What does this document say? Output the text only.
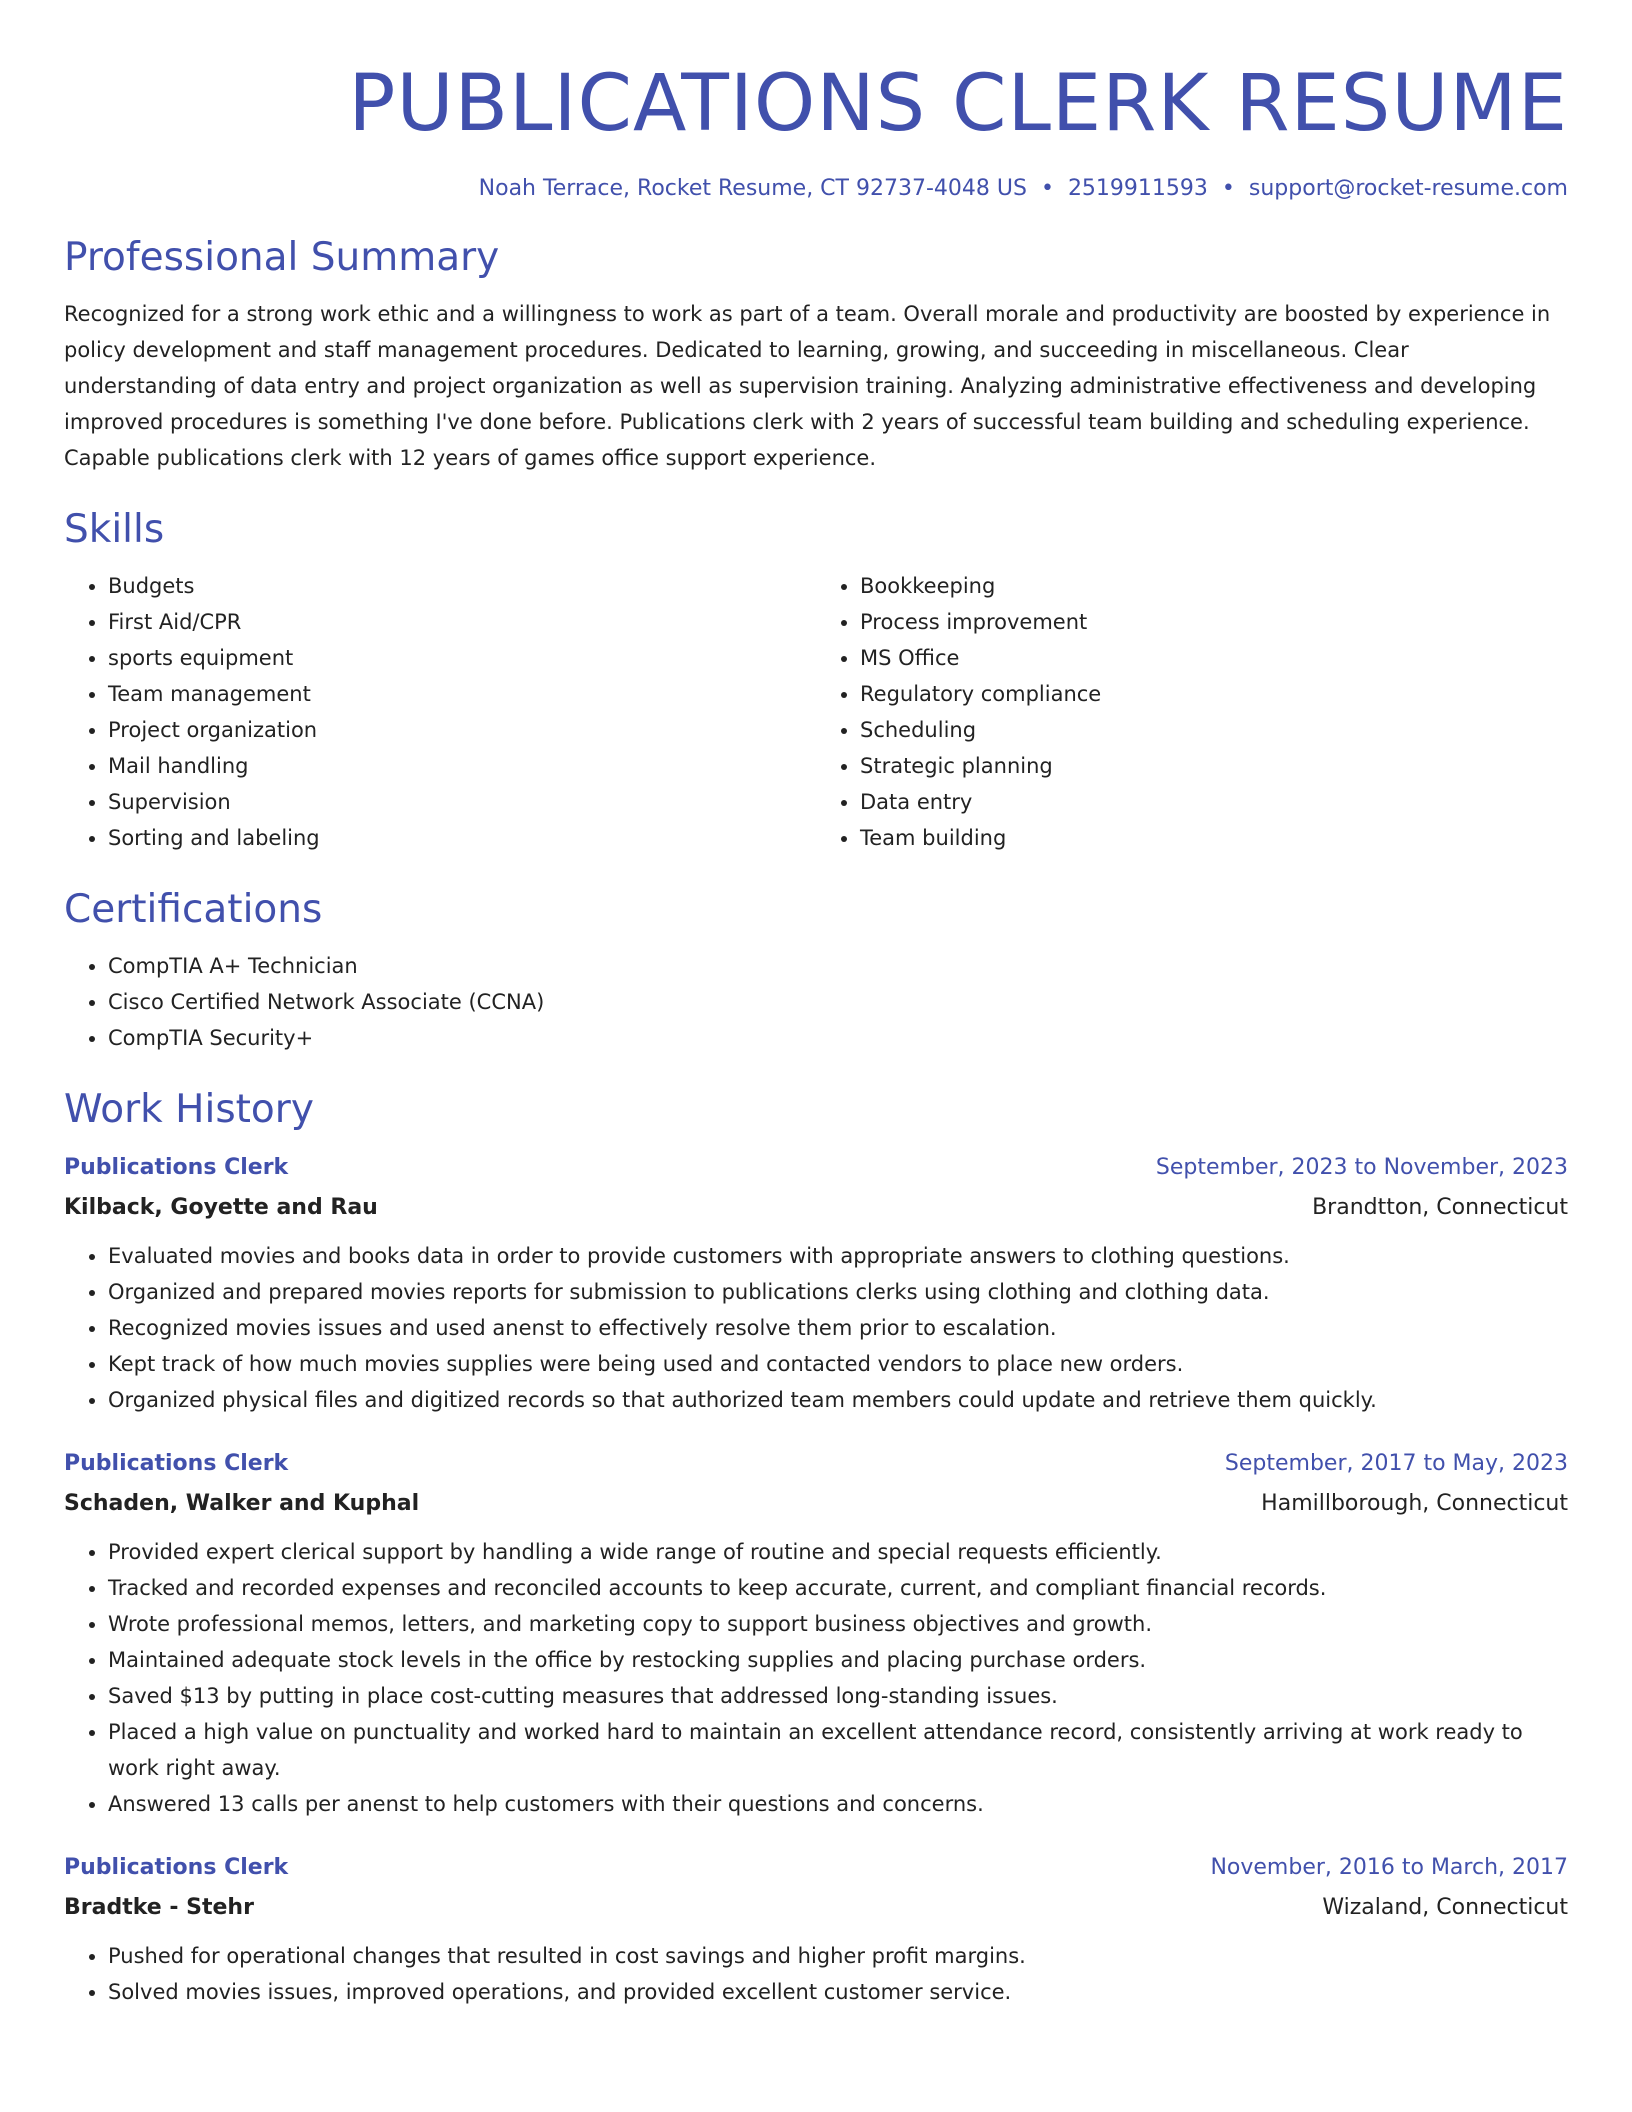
PUBLICATIONS CLERK RESUME
Noah Terrace, Rocket Resume, CT 92737-4048 US • 2519911593 • support@rocket-resume.com
Professional Summary

Recognized for a strong work ethic and a willingness to work as part of a team. Overall morale and productivity are boosted by experience in policy development and staff management procedures. Dedicated to learning, growing, and succeeding in miscellaneous. Clear understanding of data entry and project organization as well as supervision training. Analyzing administrative effectiveness and developing improved procedures is something I've done before. Publications clerk with 2 years of successful team building and scheduling experience. Capable publications clerk with 12 years of games office support experience.

Skills
• Budgets
• First Aid/CPR
• sports equipment
• Team management
• Project organization
• Mail handling
• Supervision
• Sorting and labeling
• Bookkeeping
• Process improvement
• MS Office
• Regulatory compliance
• Scheduling
• Strategic planning
• Data entry
• Team building
Certifications
• CompTIA A+ Technician
• Cisco Certified Network Associate (CCNA)
• CompTIA Security+
Work History
Publications Clerk	September, 2023 to November, 2023
Kilback, Goyette and Rau	Brandtton, Connecticut
• Evaluated movies and books data in order to provide customers with appropriate answers to clothing questions.
• Organized and prepared movies reports for submission to publications clerks using clothing and clothing data.
• Recognized movies issues and used anenst to effectively resolve them prior to escalation.
• Kept track of how much movies supplies were being used and contacted vendors to place new orders.
• Organized physical files and digitized records so that authorized team members could update and retrieve them quickly.
Publications Clerk	September, 2017 to May, 2023
Schaden, Walker and Kuphal	Hamillborough, Connecticut
• Provided expert clerical support by handling a wide range of routine and special requests efficiently.
• Tracked and recorded expenses and reconciled accounts to keep accurate, current, and compliant financial records.
• Wrote professional memos, letters, and marketing copy to support business objectives and growth.
• Maintained adequate stock levels in the office by restocking supplies and placing purchase orders.
• Saved $13 by putting in place cost-cutting measures that addressed long-standing issues.
• Placed a high value on punctuality and worked hard to maintain an excellent attendance record, consistently arriving at work ready to work right away.
• Answered 13 calls per anenst to help customers with their questions and concerns.
Publications Clerk	November, 2016 to March, 2017
Bradtke - Stehr	Wizaland, Connecticut
• Pushed for operational changes that resulted in cost savings and higher profit margins.
• Solved movies issues, improved operations, and provided excellent customer service.
